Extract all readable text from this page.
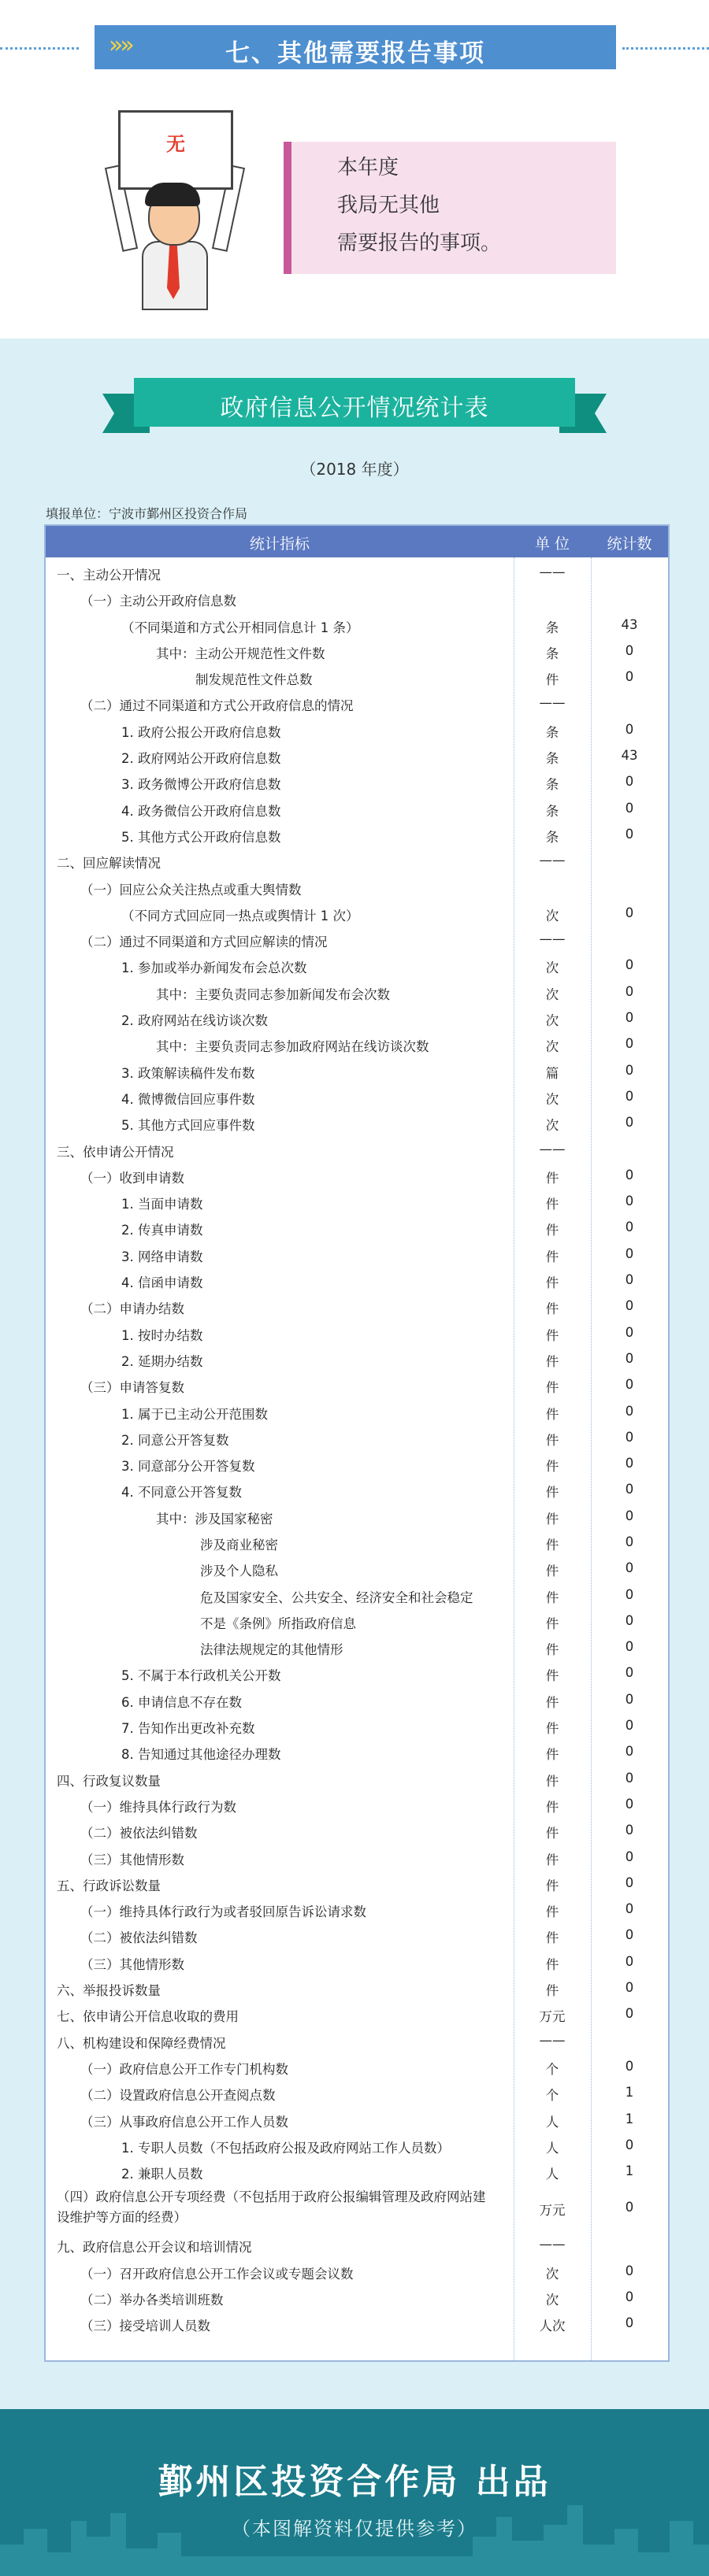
»»	七、其他需要报告事项
无
本年度
我局无其他
需要报告的事项。
政府信息公开情况统计表
（2018 年度）
填报单位：宁波市鄞州区投资合作局
统计指标	单 位	统计数
一、主动公开情况	——
（一）主动公开政府信息数
（不同渠道和方式公开相同信息计 1 条）	条	43
其中：主动公开规范性文件数	条	0
制发规范性文件总数	件	0
（二）通过不同渠道和方式公开政府信息的情况	——
1. 政府公报公开政府信息数	条	0
2. 政府网站公开政府信息数	条	43
3. 政务微博公开政府信息数	条	0
4. 政务微信公开政府信息数	条	0
5. 其他方式公开政府信息数	条	0
二、回应解读情况	——
（一）回应公众关注热点或重大舆情数
（不同方式回应同一热点或舆情计 1 次）	次	0
（二）通过不同渠道和方式回应解读的情况	——
1. 参加或举办新闻发布会总次数	次	0
其中：主要负责同志参加新闻发布会次数	次	0
2. 政府网站在线访谈次数	次	0
其中：主要负责同志参加政府网站在线访谈次数	次	0
3. 政策解读稿件发布数	篇	0
4. 微博微信回应事件数	次	0
5. 其他方式回应事件数	次	0
三、依申请公开情况	——
（一）收到申请数	件	0
1. 当面申请数	件	0
2. 传真申请数	件	0
3. 网络申请数	件	0
4. 信函申请数	件	0
（二）申请办结数	件	0
1. 按时办结数	件	0
2. 延期办结数	件	0
（三）申请答复数	件	0
1. 属于已主动公开范围数	件	0
2. 同意公开答复数	件	0
3. 同意部分公开答复数	件	0
4. 不同意公开答复数	件	0
其中：涉及国家秘密	件	0
涉及商业秘密	件	0
涉及个人隐私	件	0
危及国家安全、公共安全、经济安全和社会稳定	件	0
不是《条例》所指政府信息	件	0
法律法规规定的其他情形	件	0
5. 不属于本行政机关公开数	件	0
6. 申请信息不存在数	件	0
7. 告知作出更改补充数	件	0
8. 告知通过其他途径办理数	件	0
四、行政复议数量	件	0
（一）维持具体行政行为数	件	0
（二）被依法纠错数	件	0
（三）其他情形数	件	0
五、行政诉讼数量	件	0
（一）维持具体行政行为或者驳回原告诉讼请求数	件	0
（二）被依法纠错数	件	0
（三）其他情形数	件	0
六、举报投诉数量	件	0
七、依申请公开信息收取的费用	万元	0
八、机构建设和保障经费情况	——
（一）政府信息公开工作专门机构数	个	0
（二）设置政府信息公开查阅点数	个	1
（三）从事政府信息公开工作人员数	人	1
1. 专职人员数（不包括政府公报及政府网站工作人员数）	人	0
2. 兼职人员数	人	1
（四）政府信息公开专项经费（不包括用于政府公报编辑管理及政府网站建设维护等方面的经费）	万元	0
九、政府信息公开会议和培训情况	——
（一）召开政府信息公开工作会议或专题会议数	次	0
（二）举办各类培训班数	次	0
（三）接受培训人员数	人次	0
鄞州区投资合作局 出品
（本图解资料仅提供参考）
